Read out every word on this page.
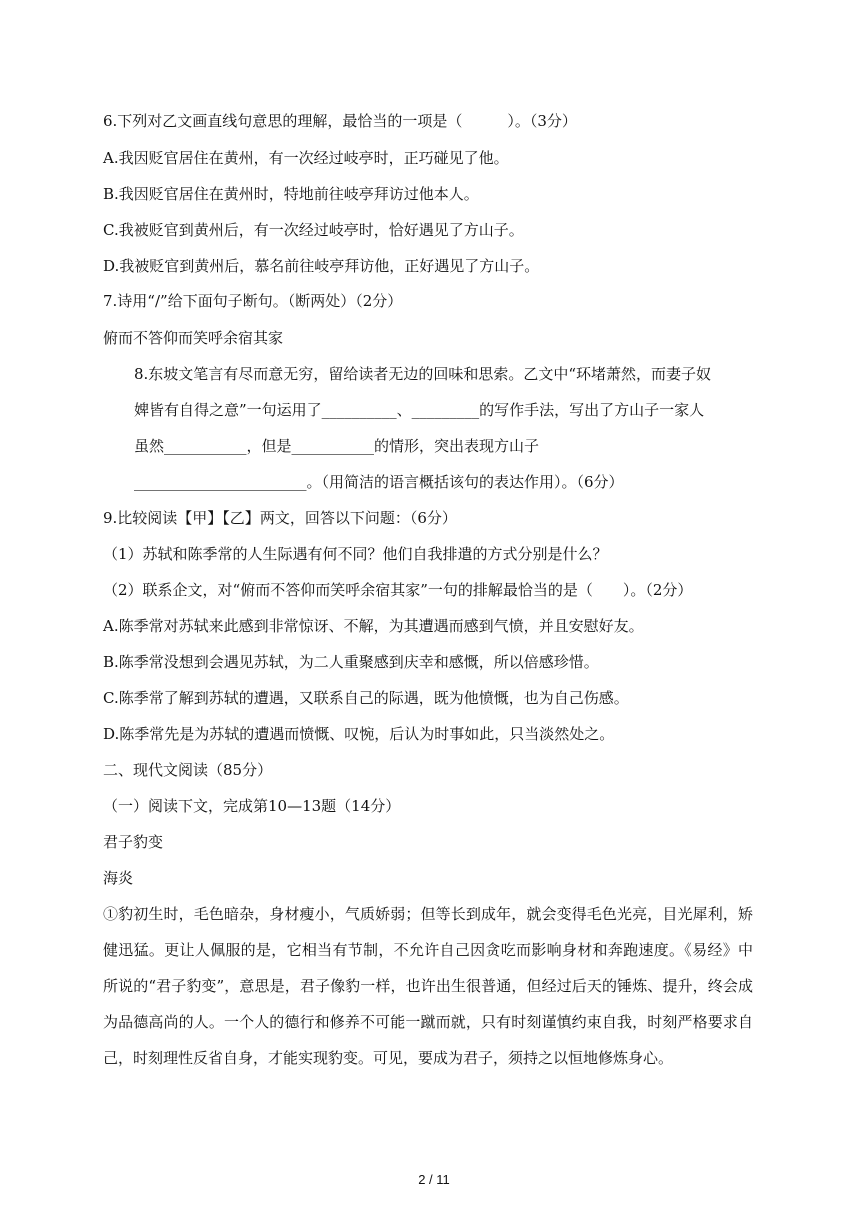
6.下列对乙文画直线句意思的理解，最恰当的一项是（　　　）。（3分）
A.我因贬官居住在黄州，有一次经过岐亭时，正巧碰见了他。
B.我因贬官居住在黄州时，特地前往岐亭拜访过他本人。
C.我被贬官到黄州后，有一次经过岐亭时，恰好遇见了方山子。
D.我被贬官到黄州后，慕名前往岐亭拜访他，正好遇见了方山子。
7.诗用“/”给下面句子断句。（断两处）（2分）
俯而不答仰而笑呼余宿其家
8.东坡文笔言有尽而意无穷，留给读者无边的回味和思索。乙文中“环堵萧然，而妻子奴
婢皆有自得之意”一句运用了__________、_________的写作手法，写出了方山子一家人
虽然___________，但是___________的情形，突出表现方山子
_______________________。（用简洁的语言概括该句的表达作用）。（6分）
9.比较阅读【甲】【乙】两文，回答以下问题：（6分）
（1）苏轼和陈季常的人生际遇有何不同？他们自我排遣的方式分别是什么？
（2）联系企文，对“俯而不答仰而笑呼余宿其家”一句的排解最恰当的是（　　）。（2分）
A.陈季常对苏轼来此感到非常惊讶、不解，为其遭遇而感到气愤，并且安慰好友。
B.陈季常没想到会遇见苏轼，为二人重聚感到庆幸和感慨，所以倍感珍惜。
C.陈季常了解到苏轼的遭遇，又联系自己的际遇，既为他愤慨，也为自己伤感。
D.陈季常先是为苏轼的遭遇而愤慨、叹惋，后认为时事如此，只当淡然处之。
二、现代文阅读（85分）
（一）阅读下文，完成第10—13题（14分）
君子豹变
海炎
①豹初生时，毛色暗杂，身材瘦小，气质娇弱；但等长到成年，就会变得毛色光亮，目光犀利，矫健迅猛。更让人佩服的是，它相当有节制，不允许自己因贪吃而影响身材和奔跑速度。《易经》中所说的“君子豹变”，意思是，君子像豹一样，也许出生很普通，但经过后天的锤炼、提升，终会成为品德高尚的人。一个人的德行和修养不可能一蹴而就，只有时刻谨慎约束自我，时刻严格要求自己，时刻理性反省自身，才能实现豹变。可见，要成为君子，须持之以恒地修炼身心。
2 / 11
